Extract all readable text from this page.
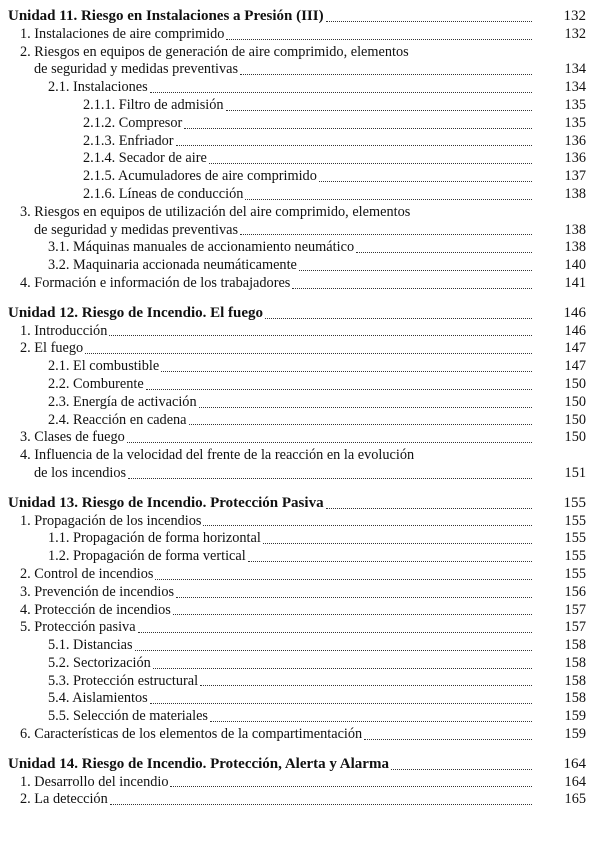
Unidad 11. Riesgo en Instalaciones a Presión (III)	132
1. Instalaciones de aire comprimido	132
2. Riesgos en equipos de generación de aire comprimido, elementos
de seguridad y medidas preventivas	134
2.1. Instalaciones	134
2.1.1. Filtro de admisión	135
2.1.2. Compresor	135
2.1.3. Enfriador	136
2.1.4. Secador de aire	136
2.1.5. Acumuladores de aire comprimido	137
2.1.6. Líneas de conducción	138
3. Riesgos en equipos de utilización del aire comprimido, elementos
de seguridad y medidas preventivas	138
3.1. Máquinas manuales de accionamiento neumático	138
3.2. Maquinaria accionada neumáticamente	140
4. Formación e información de los trabajadores	141
Unidad 12. Riesgo de Incendio. El fuego	146
1. Introducción	146
2. El fuego	147
2.1. El combustible	147
2.2. Comburente	150
2.3. Energía de activación	150
2.4. Reacción en cadena	150
3. Clases de fuego	150
4. Influencia de la velocidad del frente de la reacción en la evolución
de los incendios	151
Unidad 13. Riesgo de Incendio. Protección Pasiva	155
1. Propagación de los incendios	155
1.1. Propagación de forma horizontal	155
1.2. Propagación de forma vertical	155
2. Control de incendios	155
3. Prevención de incendios	156
4. Protección de incendios	157
5. Protección pasiva	157
5.1. Distancias	158
5.2. Sectorización	158
5.3. Protección estructural	158
5.4. Aislamientos	158
5.5. Selección de materiales	159
6. Características de los elementos de la compartimentación	159
Unidad 14. Riesgo de Incendio. Protección, Alerta y Alarma	164
1. Desarrollo del incendio	164
2. La detección	165
